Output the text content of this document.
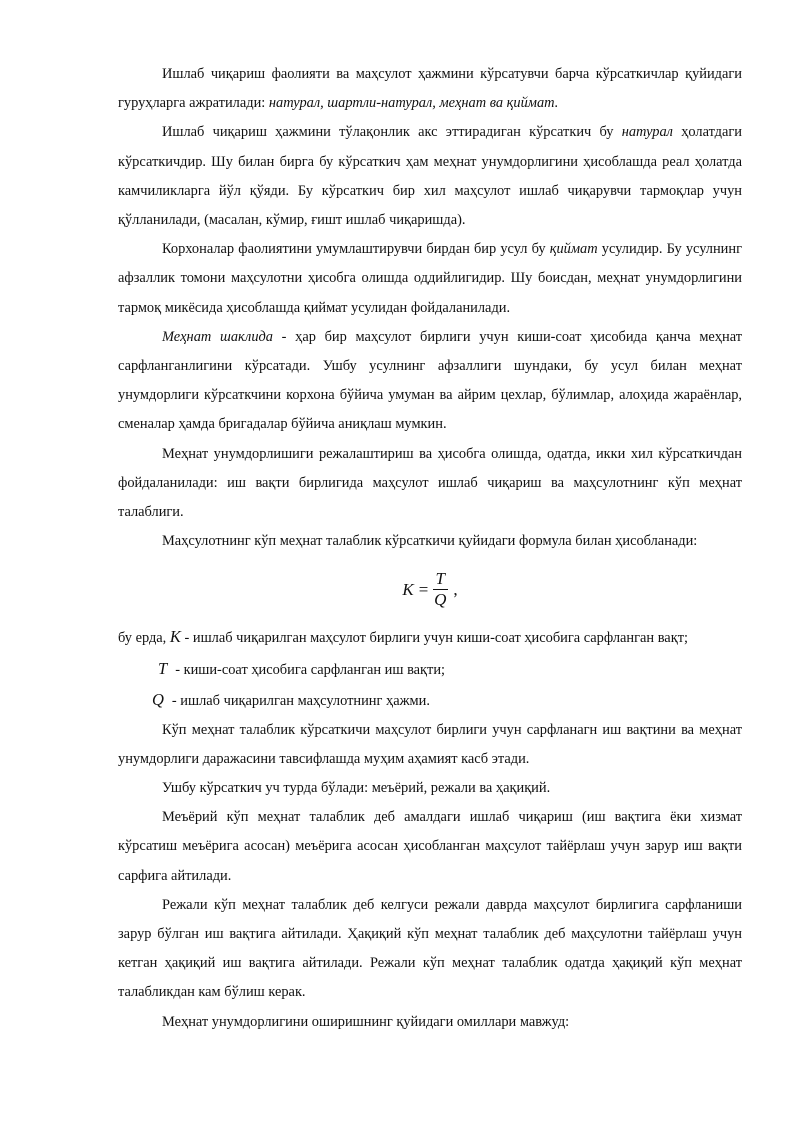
Ишлаб чиқариш фаолияти ва маҳсулот ҳажмини кўрсатувчи барча кўрсаткичлар қуйидаги гуруҳларга ажратилади: натурал, шартли-натурал, меҳнат ва қиймат.

Ишлаб чиқариш ҳажмини тўлақонлик акс эттирадиган кўрсаткич бу натурал ҳолатдаги кўрсаткичдир. Шу билан бирга бу кўрсаткич ҳам меҳнат унумдорлигини ҳисоблашда реал ҳолатда камчиликларга йўл қўяди. Бу кўрсаткич бир хил маҳсулот ишлаб чиқарувчи тармоқлар учун қўлланилади, (масалан, кўмир, ғишт ишлаб чиқаришда).

Корхоналар фаолиятини умумлаштирувчи бирдан бир усул бу қиймат усулидир. Бу усулнинг афзаллик томони маҳсулотни ҳисобга олишда оддийлигидир. Шу боисдан, меҳнат унумдорлигини тармоқ микёсида ҳисоблашда қиймат усулидан фойдаланилади.

Меҳнат шаклида - ҳар бир маҳсулот бирлиги учун киши-соат ҳисобида қанча меҳнат сарфланганлигини кўрсатади. Ушбу усулнинг афзаллиги шундаки, бу усул билан меҳнат унумдорлиги кўрсаткчини корхона бўйича умуман ва айрим цехлар, бўлимлар, алоҳида жараёнлар, сменалар ҳамда бригадалар бўйича аниқлаш мумкин.

Меҳнат унумдорлишиги режалаштириш ва ҳисобга олишда, одатда, икки хил кўрсаткичдан фойдаланилади: иш вақти бирлигида маҳсулот ишлаб чиқариш ва маҳсулотнинг кўп меҳнат талаблиги.

Маҳсулотнинг кўп меҳнат талаблик кўрсаткичи қуйидаги формула билан ҳисобланади:

$K = \frac{T}{Q}$ ,

бу ерда, K - ишлаб чиқарилган маҳсулот бирлиги учун киши-соат ҳисобига сарфланган вақт;

T - киши-соат ҳисобига сарфланган иш вақти;

Q - ишлаб чиқарилган маҳсулотнинг ҳажми.

Кўп меҳнат талаблик кўрсаткичи маҳсулот бирлиги учун сарфланагн иш вақтини ва меҳнат унумдорлиги даражасини тавсифлашда муҳим аҳамият касб этади.

Ушбу кўрсаткич уч турда бўлади: меъёрий, режали ва ҳақиқий.

Меъёрий кўп меҳнат талаблик деб амалдаги ишлаб чиқариш (иш вақтига ёки хизмат кўрсатиш меъёрига асосан) меъёрига асосан ҳисобланган маҳсулот тайёрлаш учун зарур иш вақти сарфига айтилади.

Режали кўп меҳнат талаблик деб келгуси режали даврда маҳсулот бирлигига сарфланиши зарур бўлган иш вақтига айтилади. Ҳақиқий кўп меҳнат талаблик деб маҳсулотни тайёрлаш учун кетган ҳақиқий иш вақтига айтилади. Режали кўп меҳнат талаблик одатда ҳақиқий кўп меҳнат талабликдан кам бўлиш керак.

Меҳнат унумдорлигини оширишнинг қуйидаги омиллари мавжуд:
